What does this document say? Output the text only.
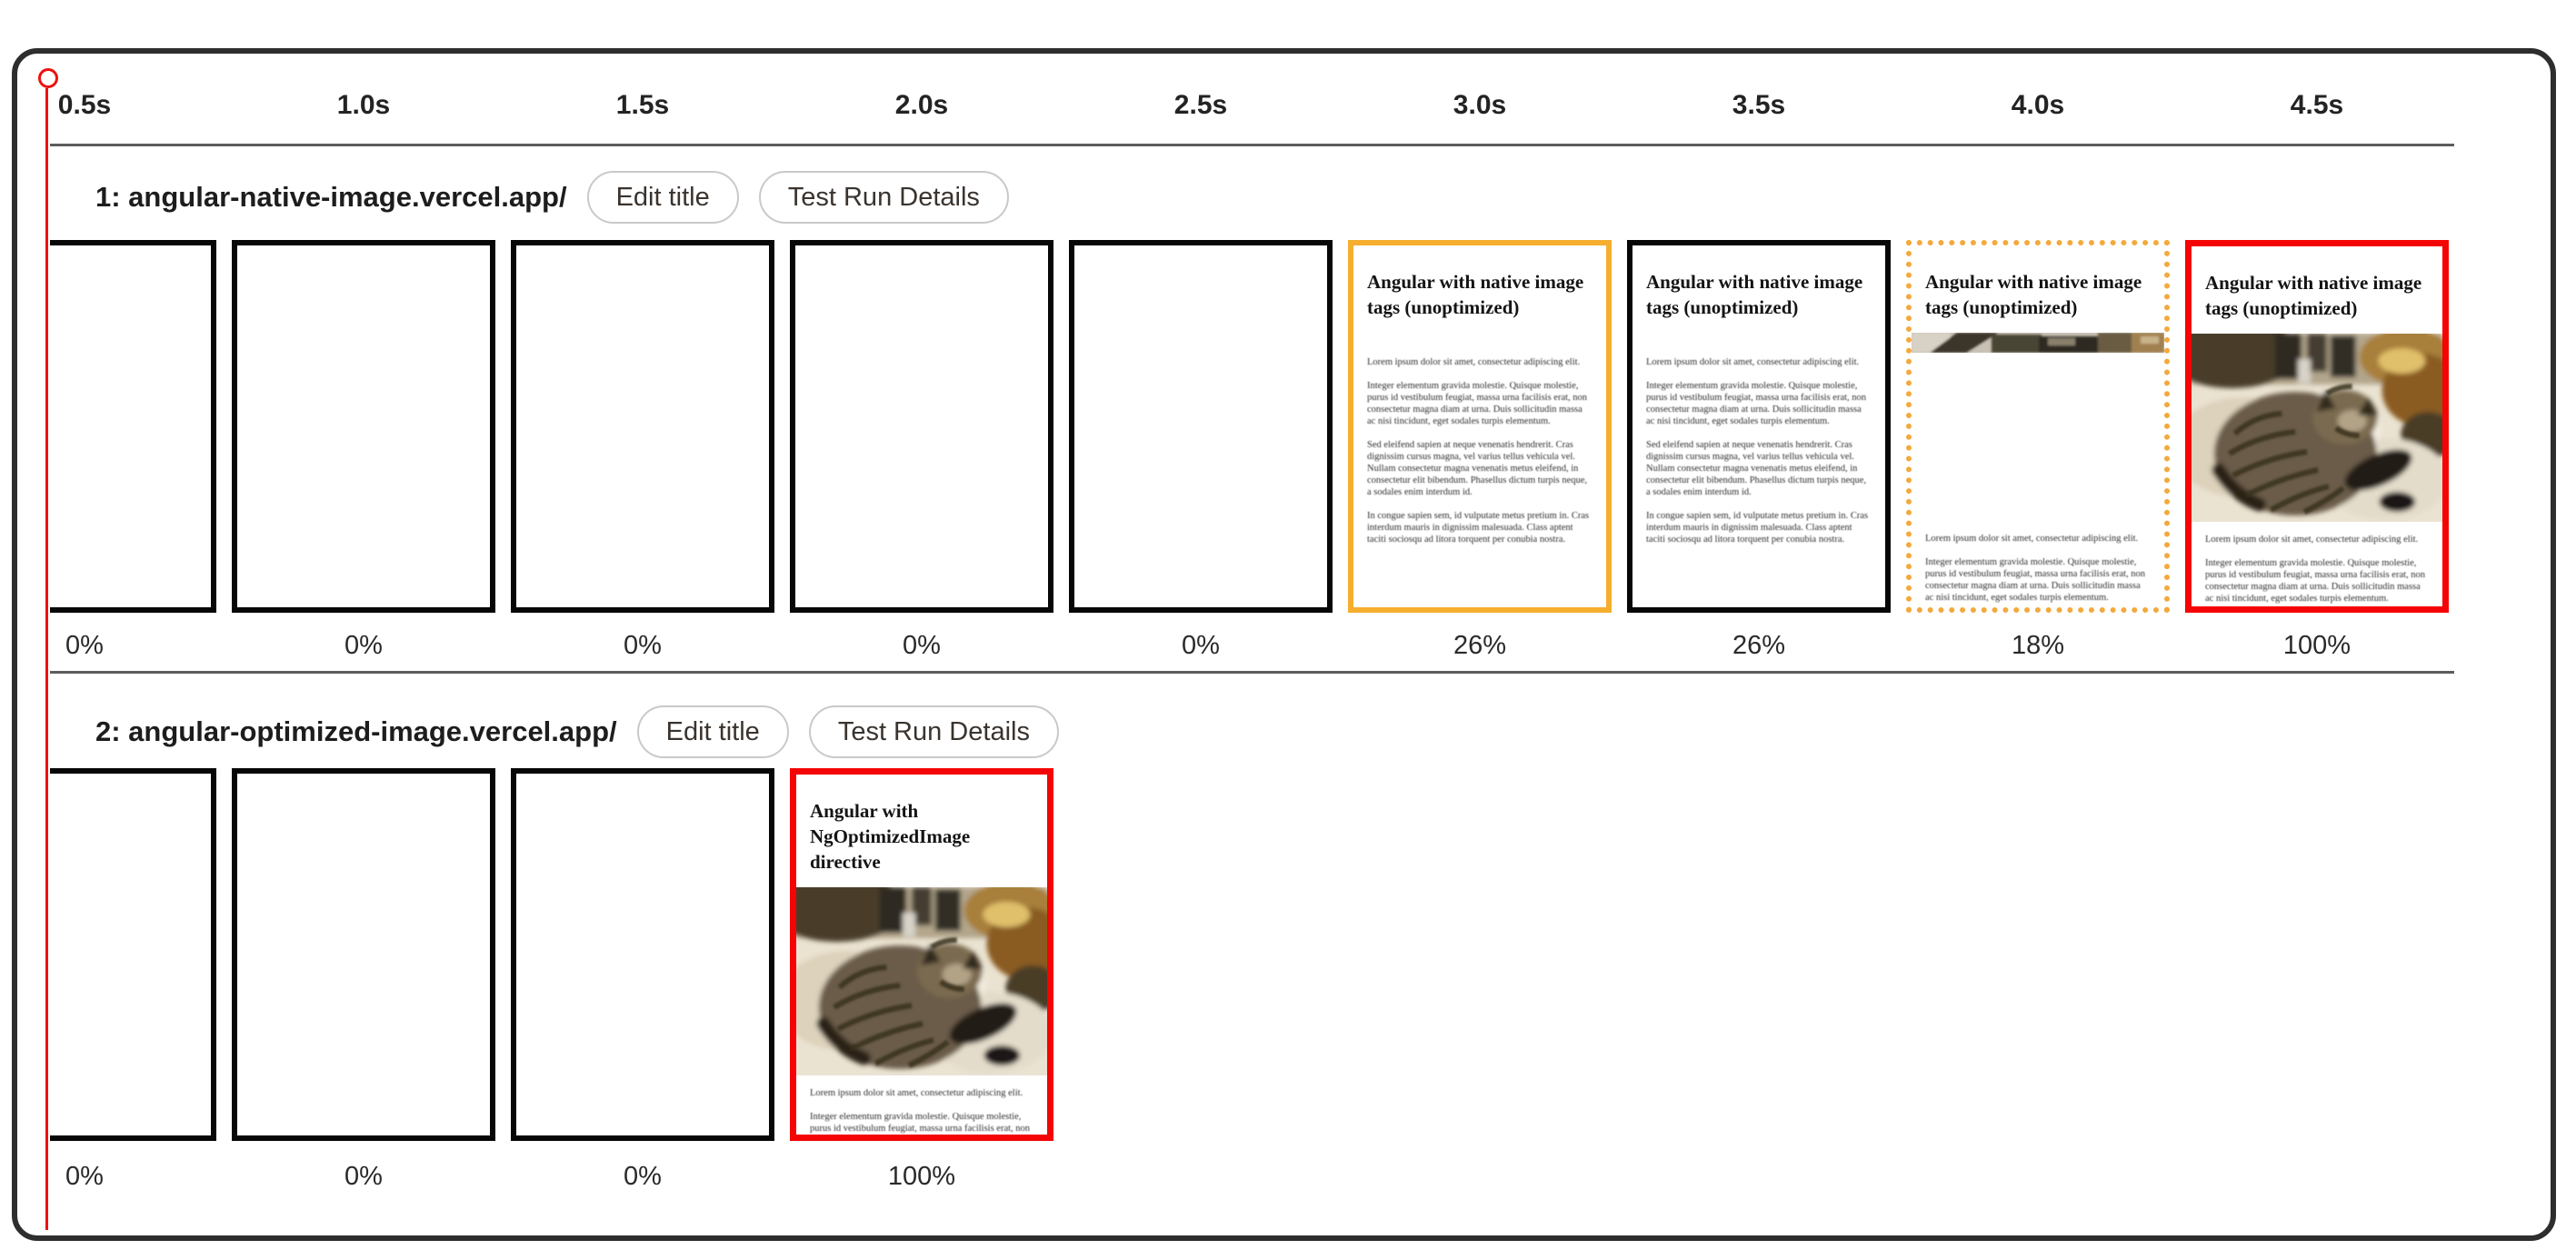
0.5s	1.0s	1.5s	2.0s	2.5s	3.0s	3.5s	4.0s	4.5s
1: angular-native-image.vercel.app/	Edit title	Test Run Details
Angular with native image tags (unoptimized)

Lorem ipsum dolor sit amet, consectetur adipiscing elit.

Integer elementum gravida molestie. Quisque molestie, purus id vestibulum feugiat, massa urna facilisis erat, non consectetur magna diam at urna. Duis sollicitudin massa ac nisi tincidunt, eget sodales turpis elementum.

Sed eleifend sapien at neque venenatis hendrerit. Cras dignissim cursus magna, vel varius tellus vehicula vel. Nullam consectetur magna venenatis metus eleifend, in consectetur elit bibendum. Phasellus dictum turpis neque, a sodales enim interdum id.

In congue sapien sem, id vulputate metus pretium in. Cras interdum mauris in dignissim malesuada. Class aptent taciti sociosqu ad litora torquent per conubia nostra.

Angular with native image tags (unoptimized)

Lorem ipsum dolor sit amet, consectetur adipiscing elit.

Integer elementum gravida molestie. Quisque molestie, purus id vestibulum feugiat, massa urna facilisis erat, non consectetur magna diam at urna. Duis sollicitudin massa ac nisi tincidunt, eget sodales turpis elementum.

Sed eleifend sapien at neque venenatis hendrerit. Cras dignissim cursus magna, vel varius tellus vehicula vel. Nullam consectetur magna venenatis metus eleifend, in consectetur elit bibendum. Phasellus dictum turpis neque, a sodales enim interdum id.

In congue sapien sem, id vulputate metus pretium in. Cras interdum mauris in dignissim malesuada. Class aptent taciti sociosqu ad litora torquent per conubia nostra.

Angular with native image tags (unoptimized)

Lorem ipsum dolor sit amet, consectetur adipiscing elit.

Integer elementum gravida molestie. Quisque molestie, purus id vestibulum feugiat, massa urna facilisis erat, non consectetur magna diam at urna. Duis sollicitudin massa ac nisi tincidunt, eget sodales turpis elementum.

Angular with native image tags (unoptimized)

Lorem ipsum dolor sit amet, consectetur adipiscing elit.

Integer elementum gravida molestie. Quisque molestie, purus id vestibulum feugiat, massa urna facilisis erat, non consectetur magna diam at urna. Duis sollicitudin massa ac nisi tincidunt, eget sodales turpis elementum.

0%	0%	0%	0%	0%	26%	26%	18%	100%
2: angular-optimized-image.vercel.app/	Edit title	Test Run Details
Angular with NgOptimizedImage directive

Lorem ipsum dolor sit amet, consectetur adipiscing elit.

Integer elementum gravida molestie. Quisque molestie, purus id vestibulum feugiat, massa urna facilisis erat, non consectetur magna diam at urna.

0%	0%	0%	100%
